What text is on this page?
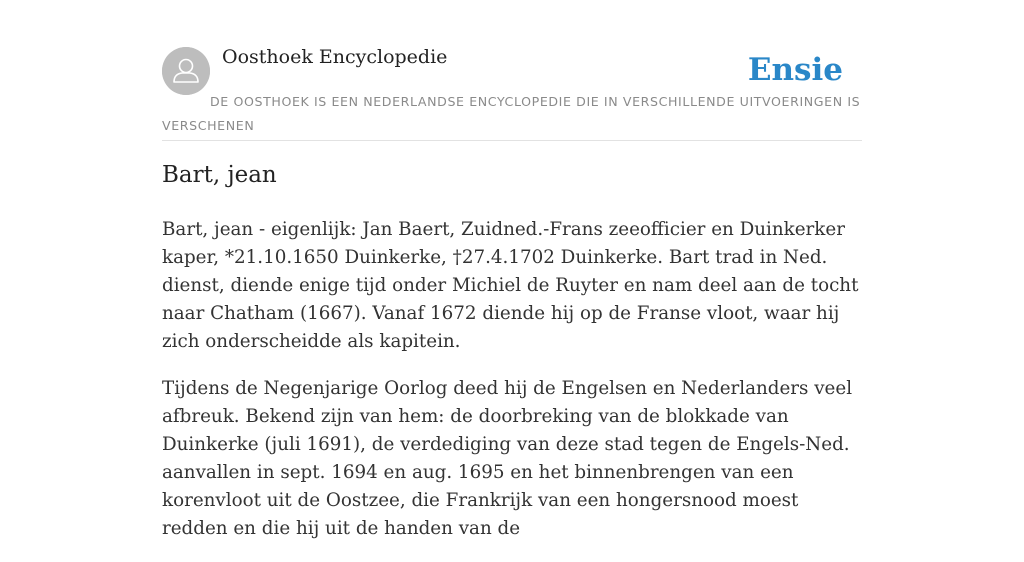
Oosthoek Encyclopedie	Ensie
DE OOSTHOEK IS EEN NEDERLANDSE ENCYCLOPEDIE DIE IN VERSCHILLENDE UITVOERINGEN IS VERSCHENEN
Bart, jean

Bart, jean - eigenlijk: Jan Baert, Zuidned.-Frans zeeofficier en Duinkerker kaper, *21.10.1650 Duinkerke, †27.4.1702 Duinkerke. Bart trad in Ned. dienst, diende enige tijd onder Michiel de Ruyter en nam deel aan de tocht naar Chatham (1667). Vanaf 1672 diende hij op de Franse vloot, waar hij zich onderscheidde als kapitein.

Tijdens de Negenjarige Oorlog deed hij de Engelsen en Nederlanders veel afbreuk. Bekend zijn van hem: de doorbreking van de blokkade van Duinkerke (juli 1691), de verdediging van deze stad tegen de Engels-Ned. aanvallen in sept. 1694 en aug. 1695 en het binnenbrengen van een korenvloot uit de Oostzee, die Frankrijk van een hongersnood moest redden en die hij uit de handen van de
